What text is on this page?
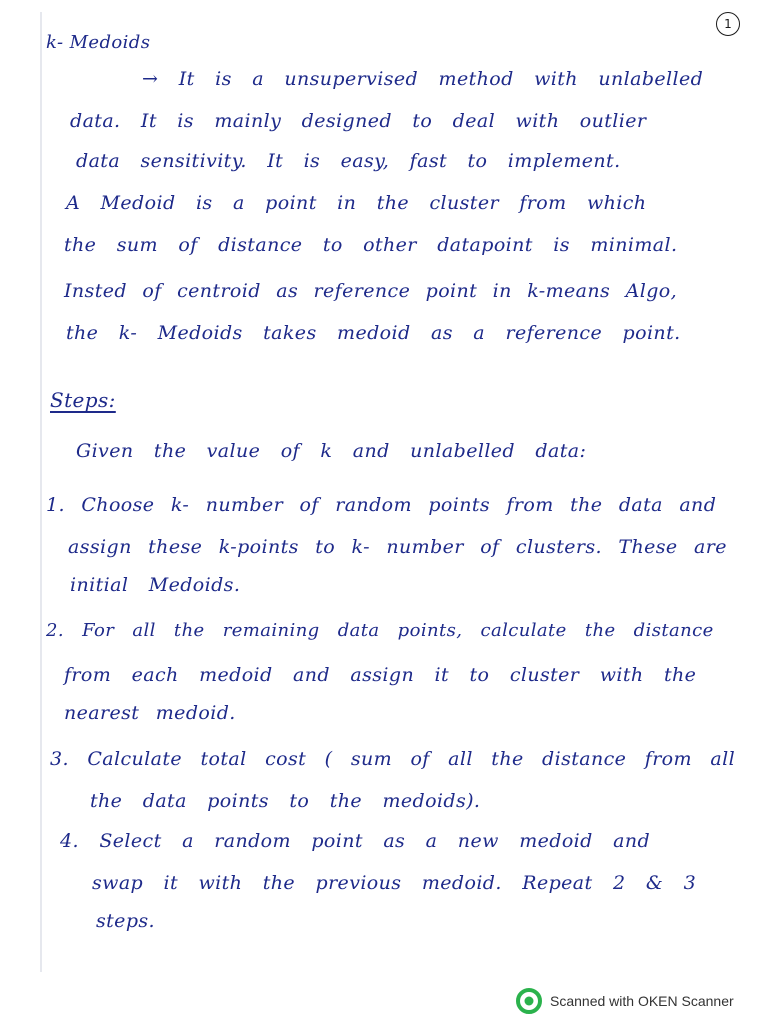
1
k- Medoids
→ It is a unsupervised method with unlabelled
data. It is mainly designed to deal with outlier
data sensitivity. It is easy, fast to implement.
A Medoid is a point in the cluster from which
the sum of distance to other datapoint is minimal.
Insted of centroid as reference point in k-means Algo,
the k- Medoids takes medoid as a reference point.
Steps:
Given the value of k and unlabelled data:
1. Choose k- number of random points from the data and
assign these k-points to k- number of clusters. These are
initial Medoids.
2. For all the remaining data points, calculate the distance
from each medoid and assign it to cluster with the
nearest medoid.
3. Calculate total cost ( sum of all the distance from all
the data points to the medoids).
4. Select a random point as a new medoid and
swap it with the previous medoid. Repeat 2 & 3
steps.
Scanned with OKEN Scanner
